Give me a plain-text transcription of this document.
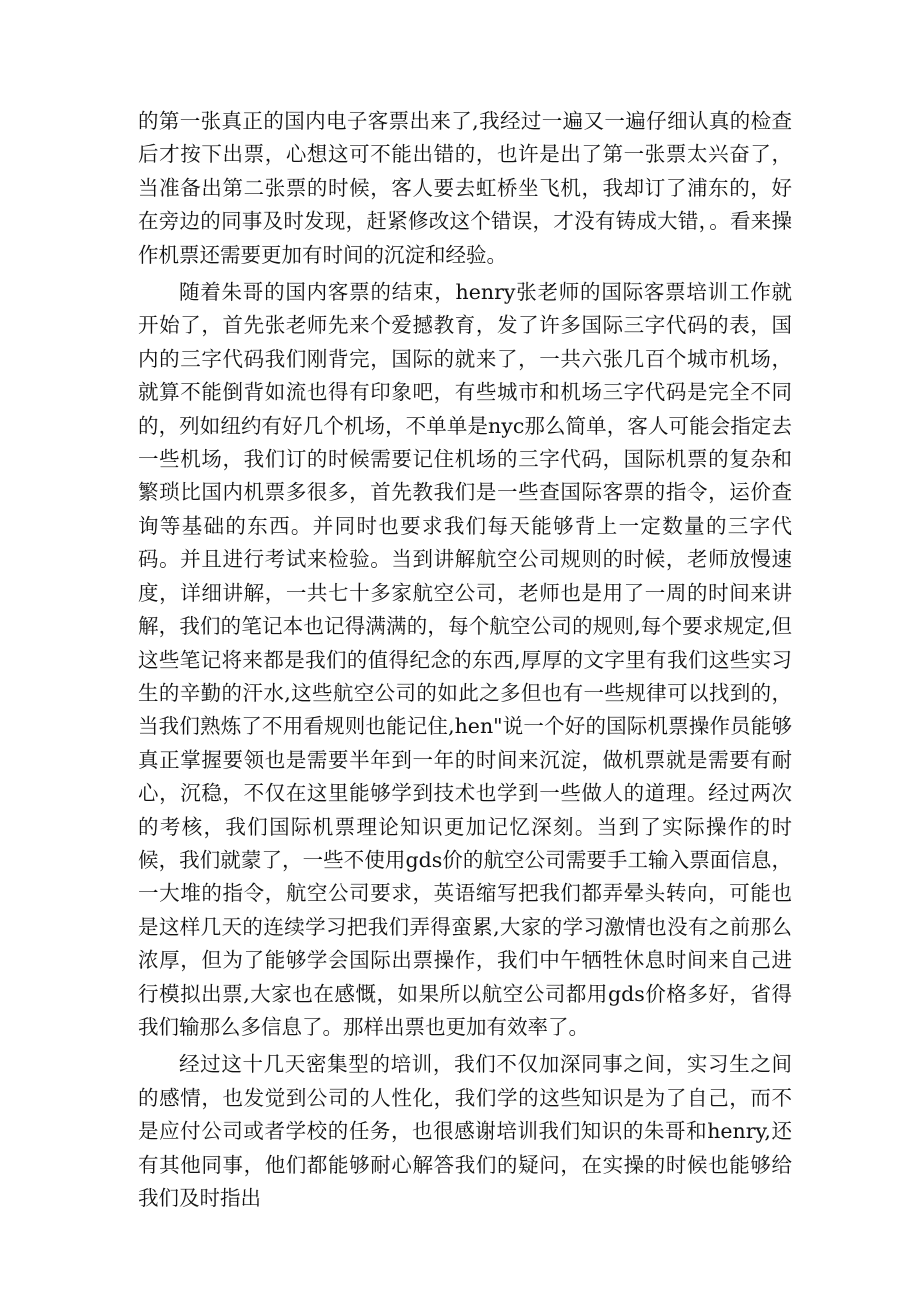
的第一张真正的国内电子客票出来了,我经过一遍又一遍仔细认真的检查后才按下出票，心想这可不能出错的，也许是出了第一张票太兴奋了，当准备出第二张票的时候，客人要去虹桥坐飞机，我却订了浦东的，好在旁边的同事及时发现，赶紧修改这个错误，才没有铸成大错，。看来操作机票还需要更加有时间的沉淀和经验。

随着朱哥的国内客票的结束，henry张老师的国际客票培训工作就开始了，首先张老师先来个爱撼教育，发了许多国际三字代码的表，国内的三字代码我们刚背完，国际的就来了，一共六张几百个城市机场，就算不能倒背如流也得有印象吧，有些城市和机场三字代码是完全不同的，列如纽约有好几个机场，不单单是nyc那么简单，客人可能会指定去一些机场，我们订的时候需要记住机场的三字代码，国际机票的复杂和繁琐比国内机票多很多，首先教我们是一些查国际客票的指令，运价查询等基础的东西。并同时也要求我们每天能够背上一定数量的三字代码。并且进行考试来检验。当到讲解航空公司规则的时候，老师放慢速度，详细讲解，一共七十多家航空公司，老师也是用了一周的时间来讲解，我们的笔记本也记得满满的，每个航空公司的规则,每个要求规定,但这些笔记将来都是我们的值得纪念的东西,厚厚的文字里有我们这些实习生的辛勤的汗水,这些航空公司的如此之多但也有一些规律可以找到的，当我们熟炼了不用看规则也能记住,hen"说一个好的国际机票操作员能够真正掌握要领也是需要半年到一年的时间来沉淀，做机票就是需要有耐心，沉稳，不仅在这里能够学到技术也学到一些做人的道理。经过两次的考核，我们国际机票理论知识更加记忆深刻。当到了实际操作的时候，我们就蒙了，一些不使用gds价的航空公司需要手工输入票面信息，一大堆的指令，航空公司要求，英语缩写把我们都弄晕头转向，可能也是这样几天的连续学习把我们弄得蛮累,大家的学习激情也没有之前那么浓厚，但为了能够学会国际出票操作，我们中午牺牲休息时间来自己进行模拟出票,大家也在感慨，如果所以航空公司都用gds价格多好，省得我们输那么多信息了。那样出票也更加有效率了。

经过这十几天密集型的培训，我们不仅加深同事之间，实习生之间的感情，也发觉到公司的人性化，我们学的这些知识是为了自己，而不是应付公司或者学校的任务，也很感谢培训我们知识的朱哥和henry,还有其他同事，他们都能够耐心解答我们的疑问，在实操的时候也能够给我们及时指出
